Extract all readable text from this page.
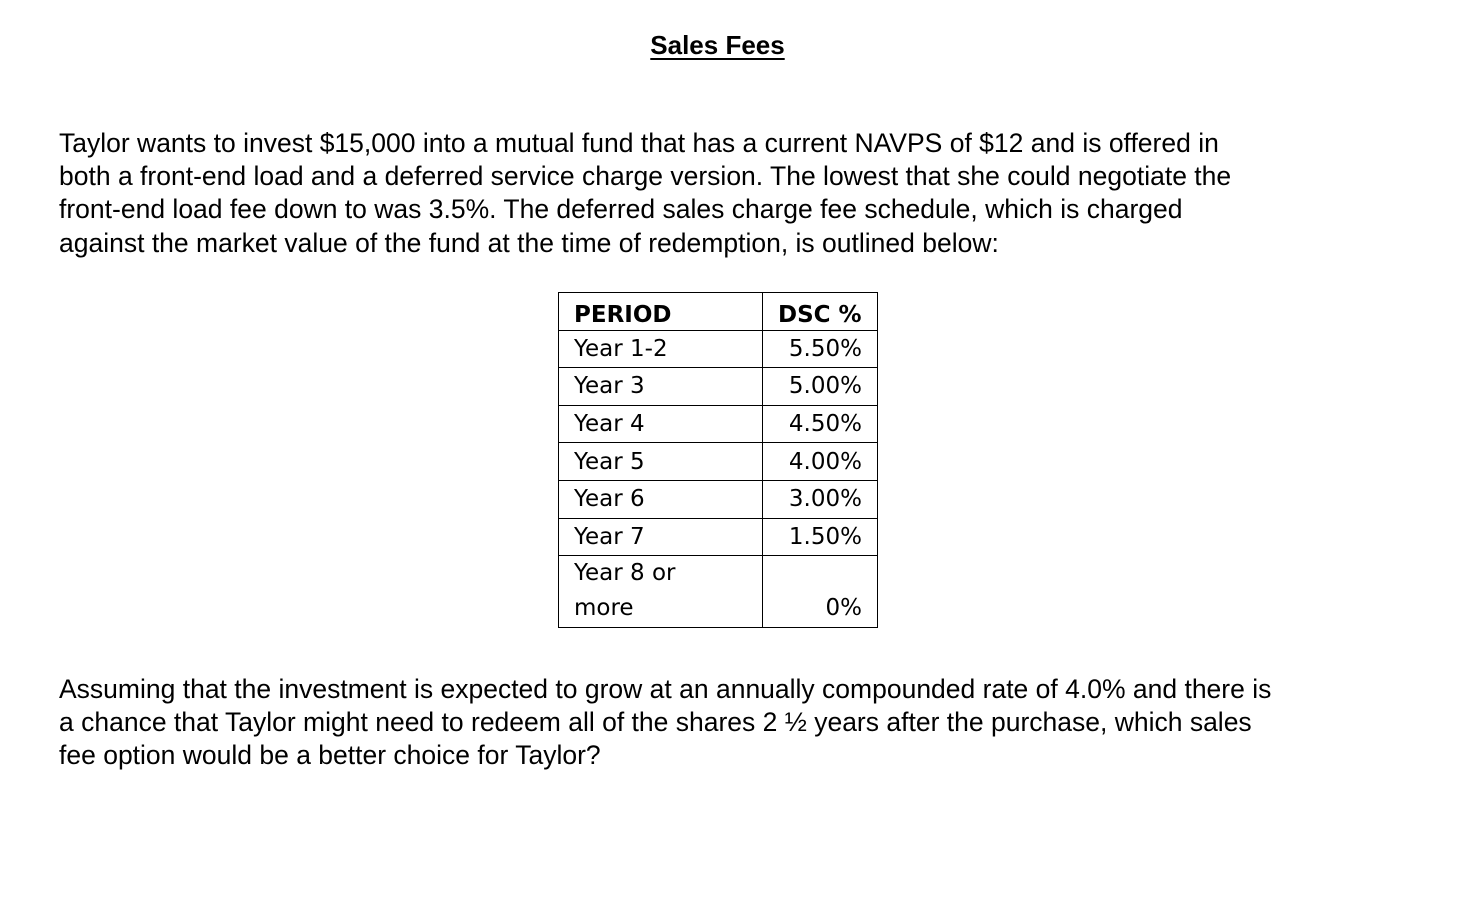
Sales Fees
Taylor wants to invest $15,000 into a mutual fund that has a current NAVPS of $12 and is offered in
both a front-end load and a deferred service charge version. The lowest that she could negotiate the
front-end load fee down to was 3.5%. The deferred sales charge fee schedule, which is charged
against the market value of the fund at the time of redemption, is outlined below:
PERIOD	DSC %
Year 1-2	5.50%
Year 3	5.00%
Year 4	4.50%
Year 5	4.00%
Year 6	3.00%
Year 7	1.50%
Year 8 or
more	0%
Assuming that the investment is expected to grow at an annually compounded rate of 4.0% and there is
a chance that Taylor might need to redeem all of the shares 2 ½ years after the purchase, which sales
fee option would be a better choice for Taylor?
